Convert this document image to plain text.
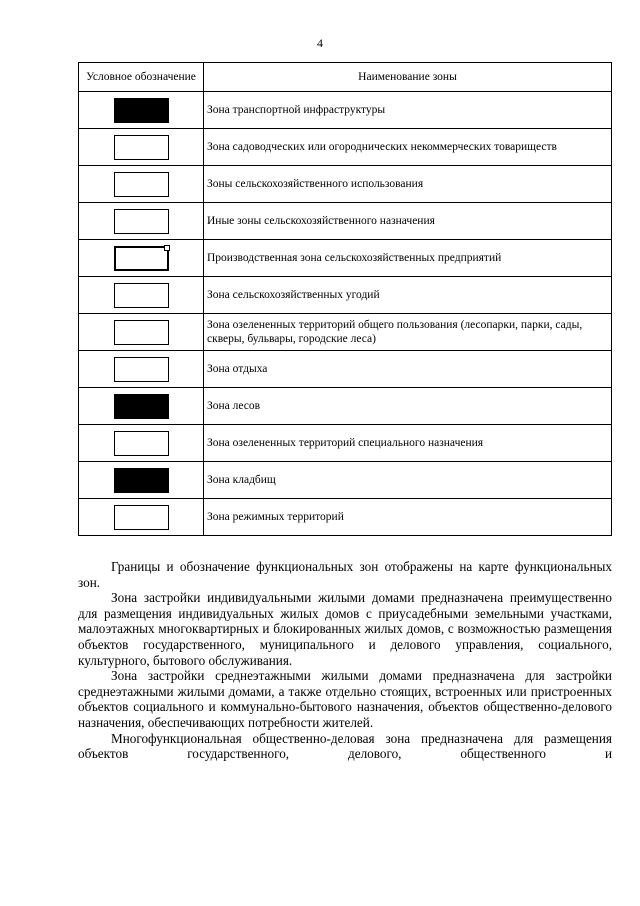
4
Условное обозначение	Наименование зоны
	Зона транспортной инфраструктуры
	Зона садоводческих или огороднических некоммерческих товариществ
	Зоны сельскохозяйственного использования
	Иные зоны сельскохозяйственного назначения
	Производственная зона сельскохозяйственных предприятий
	Зона сельскохозяйственных угодий
	Зона озелененных территорий общего пользования (лесопарки, парки, сады, скверы, бульвары, городские леса)
	Зона отдыха
	Зона лесов
	Зона озелененных территорий специального назначения
	Зона кладбищ
	Зона режимных территорий

Границы и обозначение функциональных зон отображены на карте функциональных зон.

Зона застройки индивидуальными жилыми домами предназначена преимущественно для размещения индивидуальных жилых домов с приусадебными земельными участками, малоэтажных многоквартирных и блокированных жилых домов, с возможностью размещения объектов государственного, муниципального и делового управления, социального, культурного, бытового обслуживания.

Зона застройки среднеэтажными жилыми домами предназначена для застройки среднеэтажными жилыми домами, а также отдельно стоящих, встроенных или пристроенных объектов социального и коммунально-бытового назначения, объектов общественно-делового назначения, обеспечивающих потребности жителей.

Многофункциональная общественно-деловая зона предназначена для размещения объектов государственного, делового, общественного и
